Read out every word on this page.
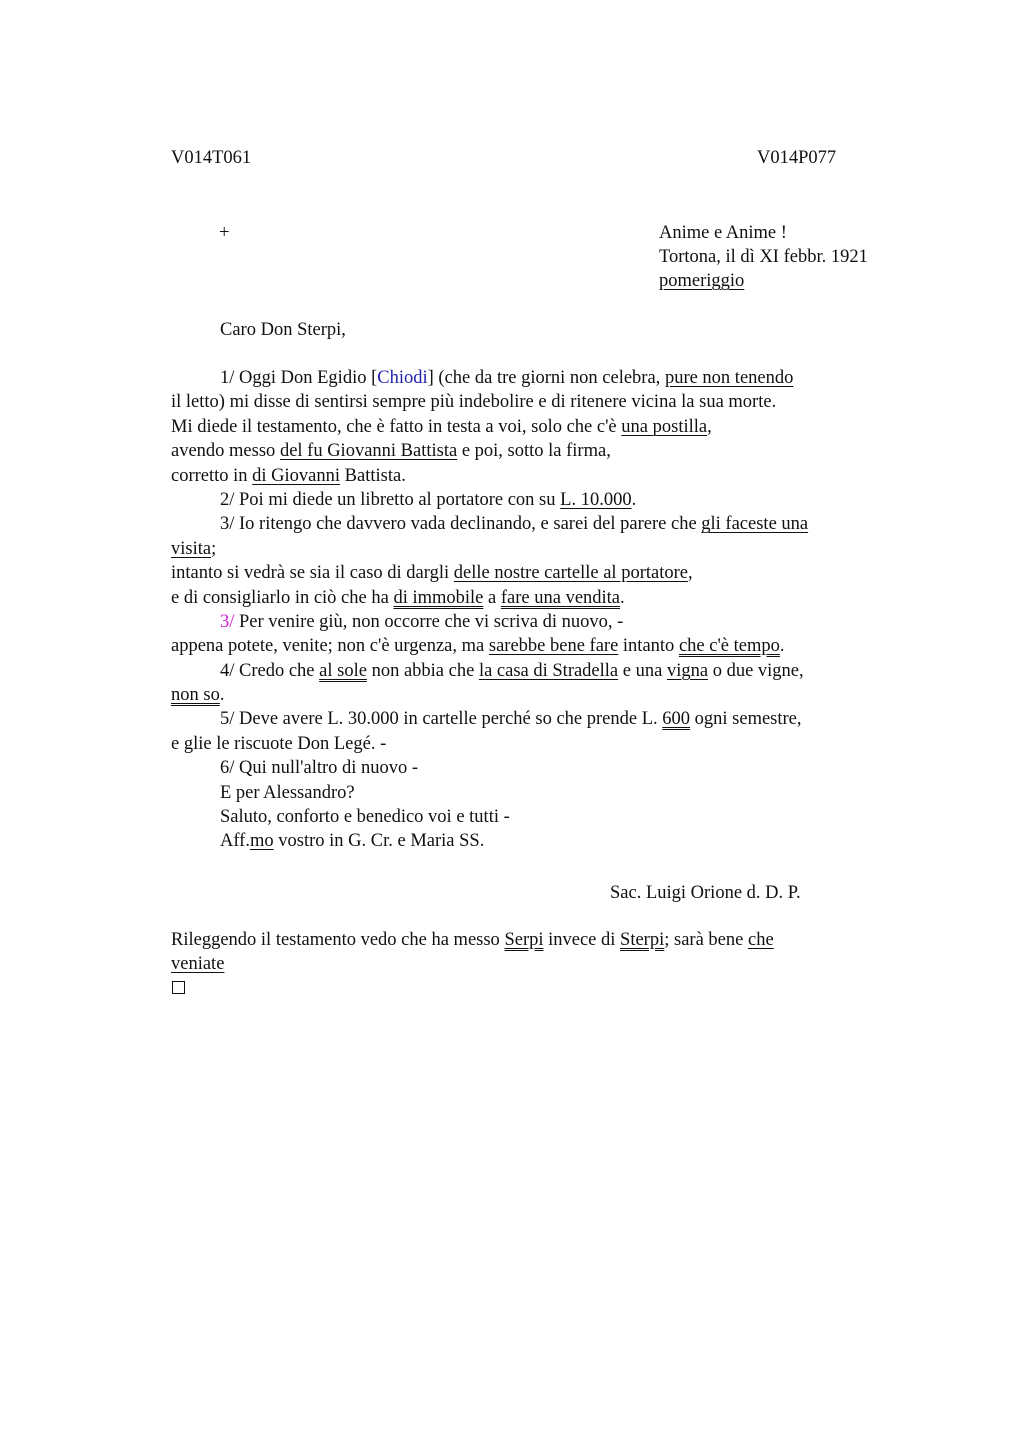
V014T061	V014P077
+	Anime e Anime !
Tortona, il dì XI febbr. 1921
pomeriggio
Caro Don Sterpi,
1/ Oggi Don Egidio [Chiodi] (che da tre giorni non celebra, pure non tenendo
il letto) mi disse di sentirsi sempre più indebolire e di ritenere vicina la sua morte.
Mi diede il testamento, che è fatto in testa a voi, solo che c'è una postilla,
avendo messo del fu Giovanni Battista e poi, sotto la firma,
corretto in di Giovanni Battista.
2/ Poi mi diede un libretto al portatore con su L. 10.000.
3/ Io ritengo che davvero vada declinando, e sarei del parere che gli faceste una
visita;
intanto si vedrà se sia il caso di dargli delle nostre cartelle al portatore,
e di consigliarlo in ciò che ha di immobile a fare una vendita.
3/ Per venire giù, non occorre che vi scriva di nuovo, -
appena potete, venite; non c'è urgenza, ma sarebbe bene fare intanto che c'è tempo.
4/ Credo che al sole non abbia che la casa di Stradella e una vigna o due vigne,
non so.
5/ Deve avere L. 30.000 in cartelle perché so che prende L. 600 ogni semestre,
e glie le riscuote Don Legé. -
6/ Qui null'altro di nuovo -
E per Alessandro?
Saluto, conforto e benedico voi e tutti -
Aff.mo vostro in G. Cr. e Maria SS.
Sac. Luigi Orione d. D. P.
Rileggendo il testamento vedo che ha messo Serpi invece di Sterpi; sarà bene che
veniate
